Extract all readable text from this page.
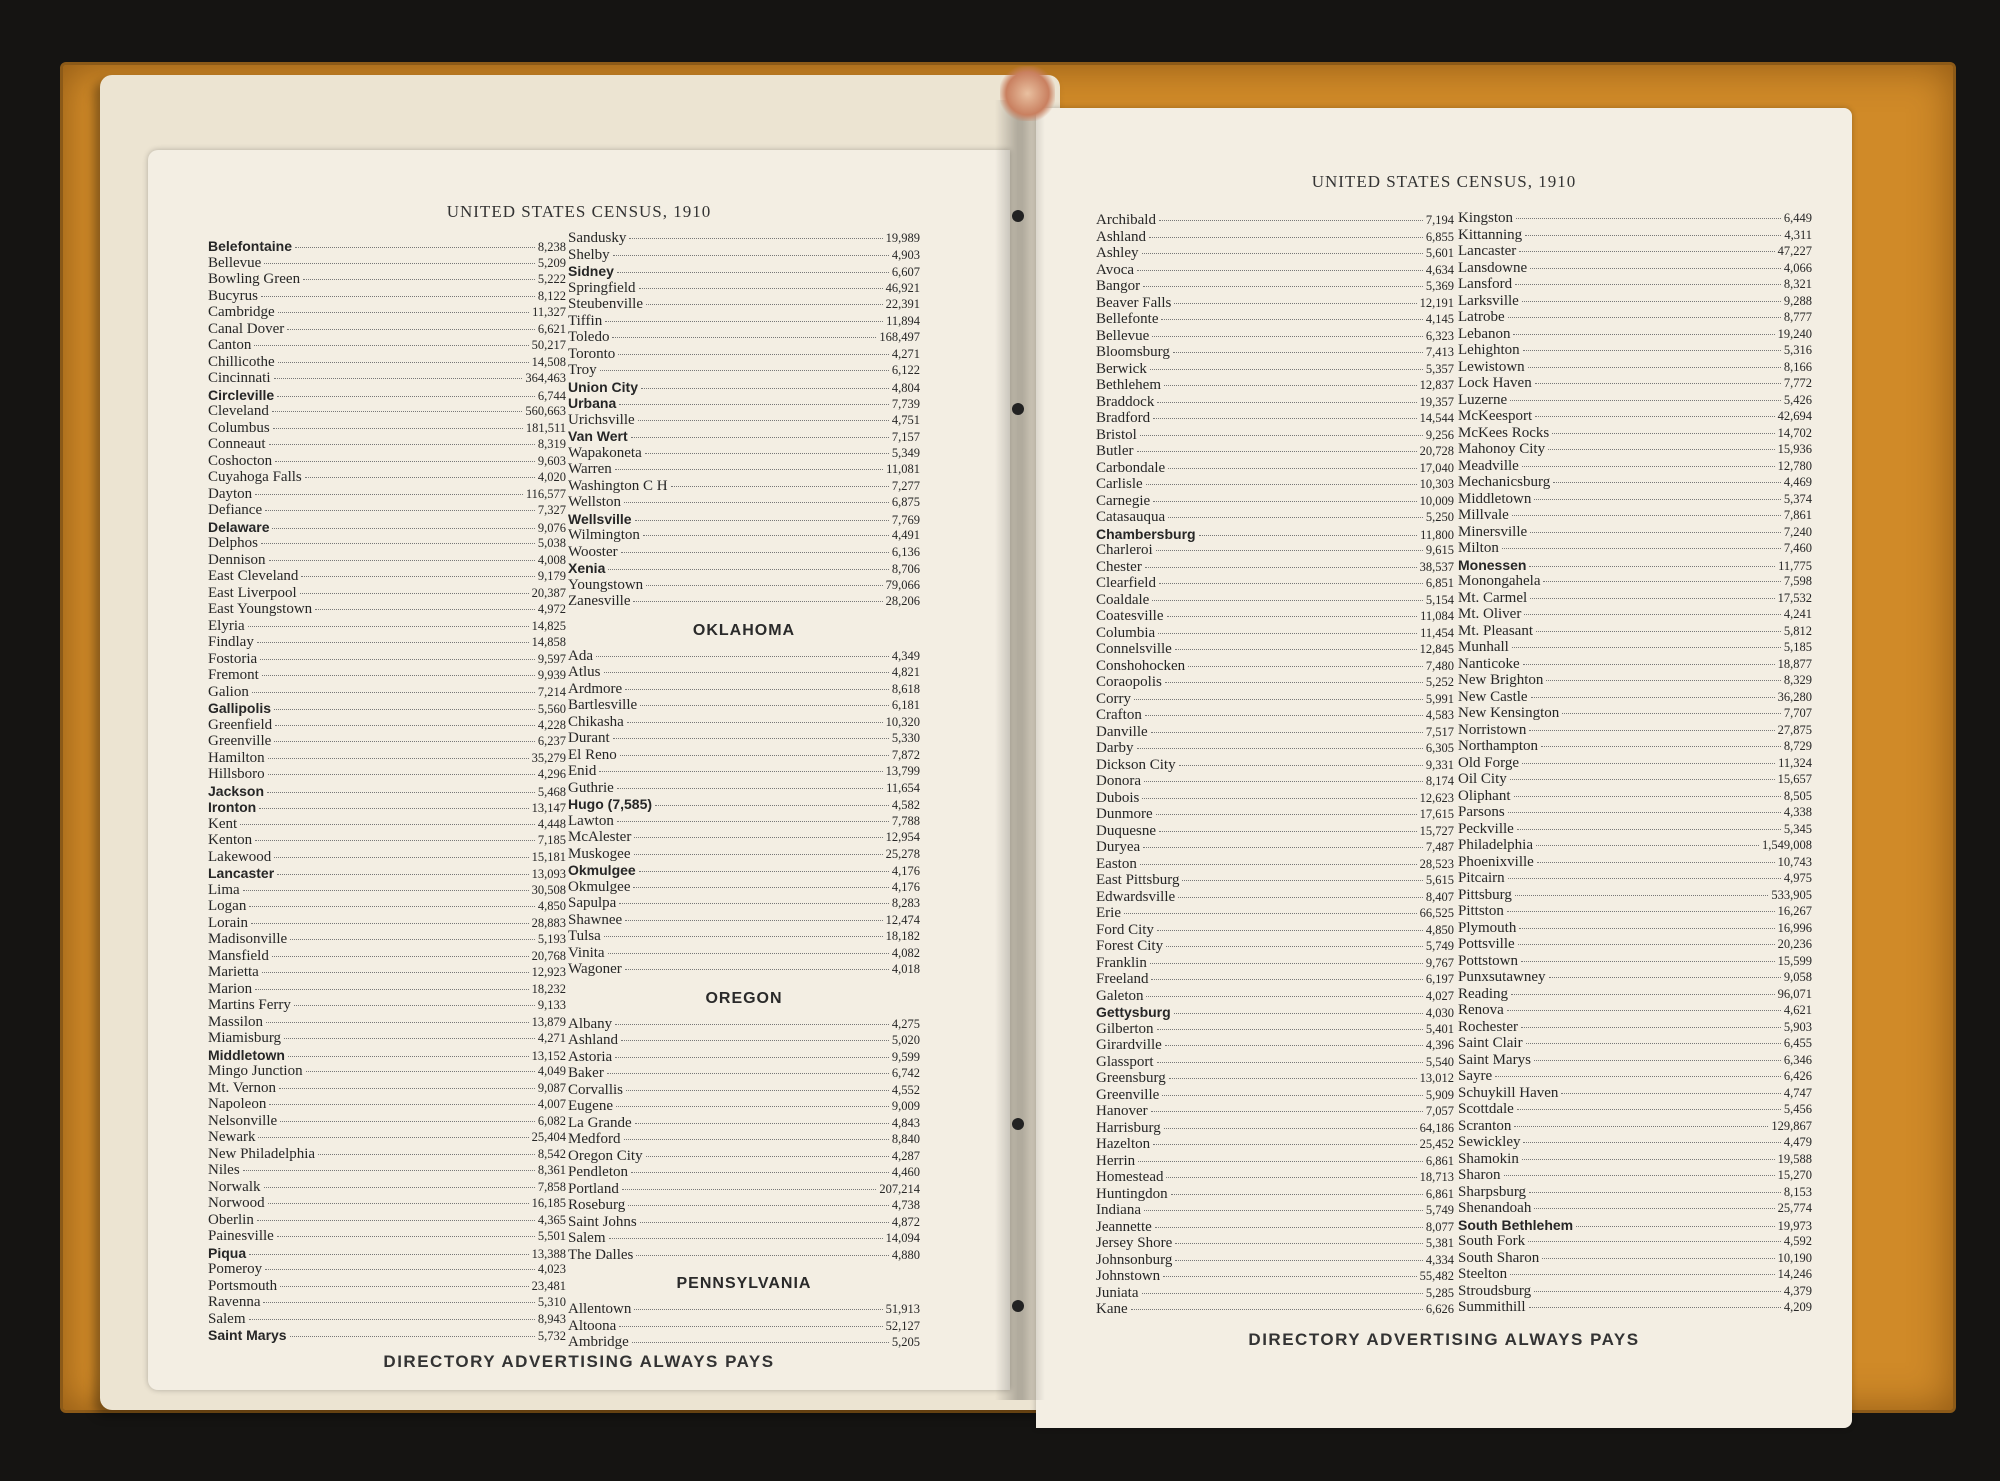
UNITED STATES CENSUS, 1910
Belefontaine	8,238
Bellevue	5,209
Bowling Green	5,222
Bucyrus	8,122
Cambridge	11,327
Canal Dover	6,621
Canton	50,217
Chillicothe	14,508
Cincinnati	364,463
Circleville	6,744
Cleveland	560,663
Columbus	181,511
Conneaut	8,319
Coshocton	9,603
Cuyahoga Falls	4,020
Dayton	116,577
Defiance	7,327
Delaware	9,076
Delphos	5,038
Dennison	4,008
East Cleveland	9,179
East Liverpool	20,387
East Youngstown	4,972
Elyria	14,825
Findlay	14,858
Fostoria	9,597
Fremont	9,939
Galion	7,214
Gallipolis	5,560
Greenfield	4,228
Greenville	6,237
Hamilton	35,279
Hillsboro	4,296
Jackson	5,468
Ironton	13,147
Kent	4,448
Kenton	7,185
Lakewood	15,181
Lancaster	13,093
Lima	30,508
Logan	4,850
Lorain	28,883
Madisonville	5,193
Mansfield	20,768
Marietta	12,923
Marion	18,232
Martins Ferry	9,133
Massilon	13,879
Miamisburg	4,271
Middletown	13,152
Mingo Junction	4,049
Mt. Vernon	9,087
Napoleon	4,007
Nelsonville	6,082
Newark	25,404
New Philadelphia	8,542
Niles	8,361
Norwalk	7,858
Norwood	16,185
Oberlin	4,365
Painesville	5,501
Piqua	13,388
Pomeroy	4,023
Portsmouth	23,481
Ravenna	5,310
Salem	8,943
Saint Marys	5,732
Sandusky	19,989
Shelby	4,903
Sidney	6,607
Springfield	46,921
Steubenville	22,391
Tiffin	11,894
Toledo	168,497
Toronto	4,271
Troy	6,122
Union City	4,804
Urbana	7,739
Urichsville	4,751
Van Wert	7,157
Wapakoneta	5,349
Warren	11,081
Washington C H	7,277
Wellston	6,875
Wellsville	7,769
Wilmington	4,491
Wooster	6,136
Xenia	8,706
Youngstown	79,066
Zanesville	28,206
OKLAHOMA
Ada	4,349
Atlus	4,821
Ardmore	8,618
Bartlesville	6,181
Chikasha	10,320
Durant	5,330
El Reno	7,872
Enid	13,799
Guthrie	11,654
Hugo (7,585)	4,582
Lawton	7,788
McAlester	12,954
Muskogee	25,278
Okmulgee	4,176
Okmulgee	4,176
Sapulpa	8,283
Shawnee	12,474
Tulsa	18,182
Vinita	4,082
Wagoner	4,018
OREGON
Albany	4,275
Ashland	5,020
Astoria	9,599
Baker	6,742
Corvallis	4,552
Eugene	9,009
La Grande	4,843
Medford	8,840
Oregon City	4,287
Pendleton	4,460
Portland	207,214
Roseburg	4,738
Saint Johns	4,872
Salem	14,094
The Dalles	4,880
PENNSYLVANIA
Allentown	51,913
Altoona	52,127
Ambridge	5,205
DIRECTORY ADVERTISING ALWAYS PAYS
UNITED STATES CENSUS, 1910
Archibald	7,194
Ashland	6,855
Ashley	5,601
Avoca	4,634
Bangor	5,369
Beaver Falls	12,191
Bellefonte	4,145
Bellevue	6,323
Bloomsburg	7,413
Berwick	5,357
Bethlehem	12,837
Braddock	19,357
Bradford	14,544
Bristol	9,256
Butler	20,728
Carbondale	17,040
Carlisle	10,303
Carnegie	10,009
Catasauqua	5,250
Chambersburg	11,800
Charleroi	9,615
Chester	38,537
Clearfield	6,851
Coaldale	5,154
Coatesville	11,084
Columbia	11,454
Connelsville	12,845
Conshohocken	7,480
Coraopolis	5,252
Corry	5,991
Crafton	4,583
Danville	7,517
Darby	6,305
Dickson City	9,331
Donora	8,174
Dubois	12,623
Dunmore	17,615
Duquesne	15,727
Duryea	7,487
Easton	28,523
East Pittsburg	5,615
Edwardsville	8,407
Erie	66,525
Ford City	4,850
Forest City	5,749
Franklin	9,767
Freeland	6,197
Galeton	4,027
Gettysburg	4,030
Gilberton	5,401
Girardville	4,396
Glassport	5,540
Greensburg	13,012
Greenville	5,909
Hanover	7,057
Harrisburg	64,186
Hazelton	25,452
Herrin	6,861
Homestead	18,713
Huntingdon	6,861
Indiana	5,749
Jeannette	8,077
Jersey Shore	5,381
Johnsonburg	4,334
Johnstown	55,482
Juniata	5,285
Kane	6,626
Kingston	6,449
Kittanning	4,311
Lancaster	47,227
Lansdowne	4,066
Lansford	8,321
Larksville	9,288
Latrobe	8,777
Lebanon	19,240
Lehighton	5,316
Lewistown	8,166
Lock Haven	7,772
Luzerne	5,426
McKeesport	42,694
McKees Rocks	14,702
Mahonoy City	15,936
Meadville	12,780
Mechanicsburg	4,469
Middletown	5,374
Millvale	7,861
Minersville	7,240
Milton	7,460
Monessen	11,775
Monongahela	7,598
Mt. Carmel	17,532
Mt. Oliver	4,241
Mt. Pleasant	5,812
Munhall	5,185
Nanticoke	18,877
New Brighton	8,329
New Castle	36,280
New Kensington	7,707
Norristown	27,875
Northampton	8,729
Old Forge	11,324
Oil City	15,657
Oliphant	8,505
Parsons	4,338
Peckville	5,345
Philadelphia	1,549,008
Phoenixville	10,743
Pitcairn	4,975
Pittsburg	533,905
Pittston	16,267
Plymouth	16,996
Pottsville	20,236
Pottstown	15,599
Punxsutawney	9,058
Reading	96,071
Renova	4,621
Rochester	5,903
Saint Clair	6,455
Saint Marys	6,346
Sayre	6,426
Schuykill Haven	4,747
Scottdale	5,456
Scranton	129,867
Sewickley	4,479
Shamokin	19,588
Sharon	15,270
Sharpsburg	8,153
Shenandoah	25,774
South Bethlehem	19,973
South Fork	4,592
South Sharon	10,190
Steelton	14,246
Stroudsburg	4,379
Summithill	4,209
DIRECTORY ADVERTISING ALWAYS PAYS
